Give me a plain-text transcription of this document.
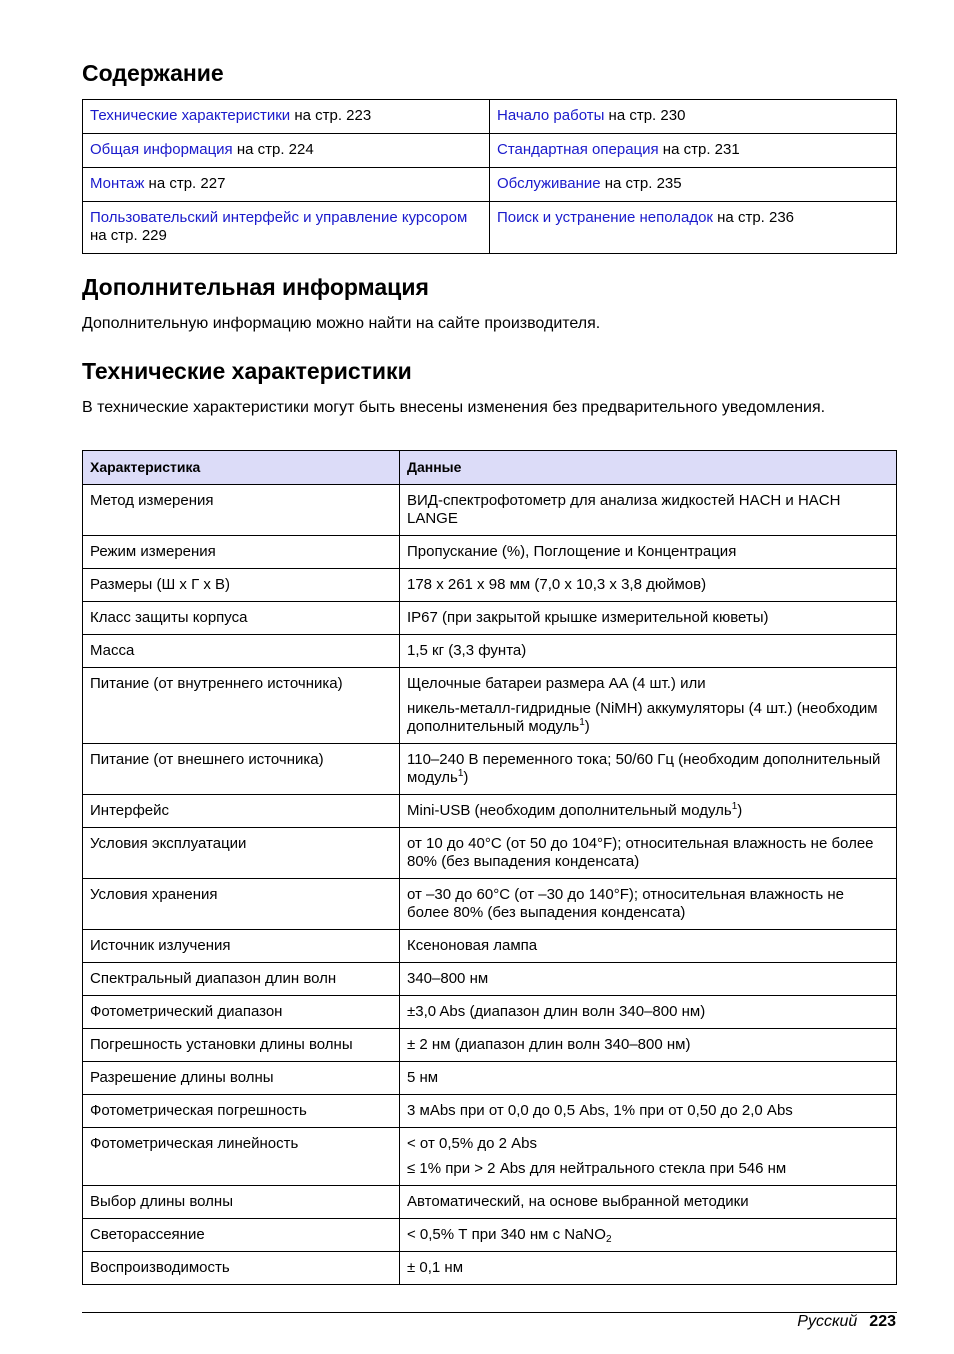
Содержание
Технические характеристики на стр. 223	Начало работы на стр. 230
Общая информация на стр. 224	Стандартная операция на стр. 231
Монтаж на стр. 227	Обслуживание на стр. 235
Пользовательский интерфейс и управление курсором на стр. 229	Поиск и устранение неполадок на стр. 236
Дополнительная информация

Дополнительную информацию можно найти на сайте производителя.

Технические характеристики

В технические характеристики могут быть внесены изменения без предварительного уведомления.

Характеристика	Данные
Метод измерения	ВИД-спектрофотометр для анализа жидкостей HACH и HACH LANGE
Режим измерения	Пропускание (%), Поглощение и Концентрация
Размеры (Ш x Г x В)	178 x 261 x 98 мм (7,0 x 10,3 x 3,8 дюймов)
Класс защиты корпуса	IP67 (при закрытой крышке измерительной кюветы)
Масса	1,5 кг (3,3 фунта)
Питание (от внутреннего источника)	Щелочные батареи размера AA (4 шт.) или
никель-металл-гидридные (NiMH) аккумуляторы (4 шт.) (необходим дополнительный модуль$^1$)

Питание (от внешнего источника)	110–240 В переменного тока; 50/60 Гц (необходим дополнительный модуль$^1$)
Интерфейс	Mini-USB (необходим дополнительный модуль$^1$)
Условия эксплуатации	от 10 до 40°C (от 50 до 104°F); относительная влажность не более 80% (без выпадения конденсата)
Условия хранения	от –30 до 60°C (от –30 до 140°F); относительная влажность не более 80% (без выпадения конденсата)
Источник излучения	Ксеноновая лампа
Спектральный диапазон длин волн	340–800 нм
Фотометрический диапазон	±3,0 Abs (диапазон длин волн 340–800 нм)
Погрешность установки длины волны	± 2 нм (диапазон длин волн 340–800 нм)
Разрешение длины волны	5 нм
Фотометрическая погрешность	3 мAbs при от 0,0 до 0,5 Abs, 1% при от 0,50 до 2,0 Abs
Фотометрическая линейность	< от 0,5% до 2 Abs
≤ 1% при > 2 Abs для нейтрального стекла при 546 нм

Выбор длины волны	Автоматический, на основе выбранной методики
Светорассеяние	< 0,5% Т при 340 нм с NaNO$_2$
Воспроизводимость	± 0,1 нм
Русский 223
